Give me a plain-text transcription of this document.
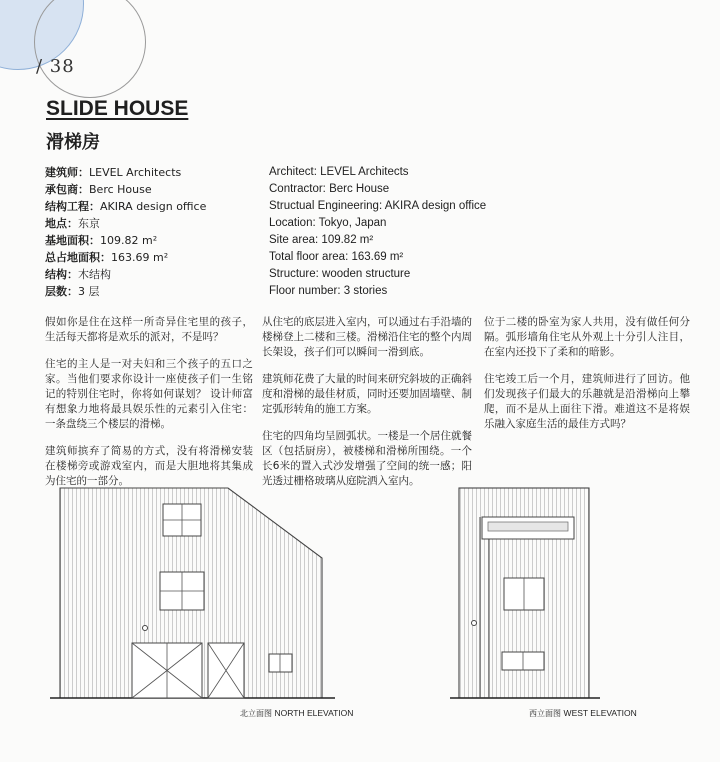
/ 38
SLIDE HOUSE
滑梯房
建筑师：LEVEL Architects
承包商：Berc House
结构工程：AKIRA design office
地点：东京
基地面积：109.82 m²
总占地面积：163.69 m²
结构：木结构
层数：3 层
Architect: LEVEL Architects
Contractor: Berc House
Structual Engineering: AKIRA design office
Location: Tokyo, Japan
Site area: 109.82 m²
Total floor area: 163.69 m²
Structure: wooden structure
Floor number: 3 stories

假如你是住在这样一所奇异住宅里的孩子，生活每天都将是欢乐的派对，不是吗？

住宅的主人是一对夫妇和三个孩子的五口之家。当他们要求你设计一座使孩子们一生铭记的特别住宅时，你将如何谋划？ 设计师富有想象力地将最具娱乐性的元素引入住宅：一条盘绕三个楼层的滑梯。

建筑师摈弃了简易的方式，没有将滑梯安装在楼梯旁或游戏室内，而是大胆地将其集成为住宅的一部分。

从住宅的底层进入室内，可以通过右手沿墙的楼梯登上二楼和三楼。滑梯沿住宅的整个内周长架设，孩子们可以瞬间一滑到底。

建筑师花费了大量的时间来研究斜坡的正确斜度和滑梯的最佳材质，同时还要加固墙壁、制定弧形转角的施工方案。

住宅的四角均呈圆弧状。一楼是一个居住就餐区（包括厨房），被楼梯和滑梯所围绕。一个长6米的置入式沙发增强了空间的统一感；阳光透过栅格玻璃从庭院洒入室内。

位于二楼的卧室为家人共用，没有做任何分隔。弧形墙角住宅从外观上十分引人注目，在室内还投下了柔和的暗影。

住宅竣工后一个月，建筑师进行了回访。他们发现孩子们最大的乐趣就是沿滑梯向上攀爬，而不是从上面往下滑。难道这不是将娱乐融入家庭生活的最佳方式吗？

北立面图 NORTH ELEVATION	西立面图 WEST ELEVATION
